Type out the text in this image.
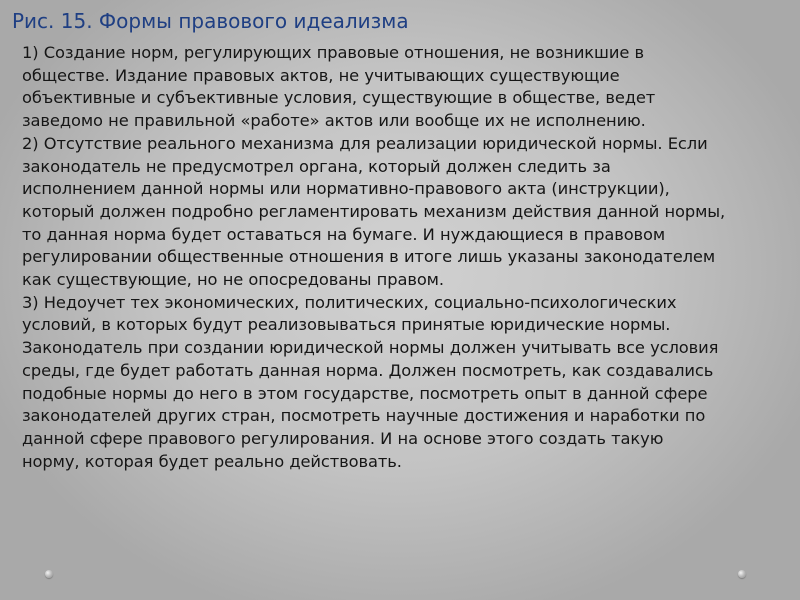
Рис. 15. Формы правового идеализма
1) Создание норм, регулирующих правовые отношения, не возникшие в
обществе. Издание правовых актов, не учитывающих существующие
объективные и субъективные условия, существующие в обществе, ведет
заведомо не правильной «работе» актов или вообще их не исполнению.
2) Отсутствие реального механизма для реализации юридической нормы. Если
законодатель не предусмотрел органа, который должен следить за
исполнением данной нормы или нормативно-правового акта (инструкции),
который должен подробно регламентировать механизм действия данной нормы,
то данная норма будет оставаться на бумаге. И нуждающиеся в правовом
регулировании общественные отношения в итоге лишь указаны законодателем
как существующие, но не опосредованы правом.
3) Недоучет тех экономических, политических, социально-психологических
условий, в которых будут реализовываться принятые юридические нормы.
Законодатель при создании юридической нормы должен учитывать все условия
среды, где будет работать данная норма. Должен посмотреть, как создавались
подобные нормы до него в этом государстве, посмотреть опыт в данной сфере
законодателей других стран, посмотреть научные достижения и наработки по
данной сфере правового регулирования. И на основе этого создать такую
норму, которая будет реально действовать.
